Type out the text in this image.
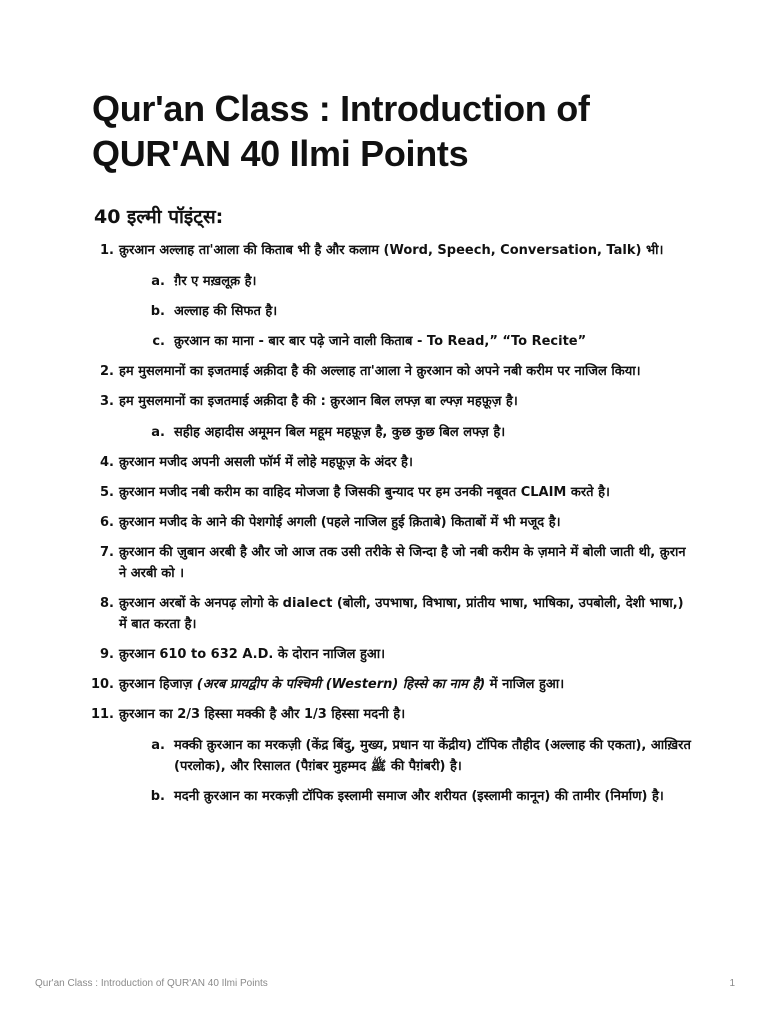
Qur'an Class : Introduction of QUR'AN 40 Ilmi Points
40 इल्मी पॉइंट्स:
1. क़ुरआन अल्लाह ता'आला की किताब भी है और कलाम (Word, Speech, Conversation, Talk) भी।
a. ग़ैर ए मख़लूक़ है।
b. अल्लाह की सिफत है।
c. क़ुरआन का माना - बार बार पढ़े जाने वाली किताब - To Read,” “To Recite”
2. हम मुसलमानों का इजतमाई अक़ीदा है की अल्लाह ता'आला ने क़ुरआन को अपने नबी करीम पर नाजिल किया।
3. हम मुसलमानों का इजतमाई अक़ीदा है की : क़ुरआन बिल लफ्ज़ बा ल्फ्ज़ महफ़ूज़ है।
a. सहीह अहादीस अमूमन बिल महूम महफ़ूज़ है, कुछ कुछ बिल लफ्ज़ है।
4. क़ुरआन मजीद अपनी असली फॉर्म में लोहे महफ़ूज़ के अंदर है।
5. क़ुरआन मजीद नबी करीम का वाहिद मोजजा है जिसकी बुन्याद पर हम उनकी नबूवत CLAIM करते है।
6. क़ुरआन मजीद के आने की पेशगोई अगली (पहले नाजिल हुई क़िताबे) किताबों में भी मजूद है।
7. क़ुरआन की ज़ुबान अरबी है और जो आज तक उसी तरीके से जिन्दा है जो नबी करीम के ज़माने में बोली जाती थी, क़ुरान ने अरबी को ।
8. क़ुरआन अरबों के अनपढ़ लोगो के dialect (बोली, उपभाषा, विभाषा, प्रांतीय भाषा, भाषिका, उपबोली, देशी भाषा,) में बात करता है।
9. क़ुरआन 610 to 632 A.D. के दोरान नाजिल हुआ।
10. क़ुरआन हिजाज़ (अरब प्रायद्वीप के पश्चिमी (Western) हिस्से का नाम है) में नाजिल हुआ।
11. क़ुरआन का 2/3 हिस्सा मक्की है और 1/3 हिस्सा मदनी है।
a. मक्की क़ुरआन का मरकज़ी (केंद्र बिंदु, मुख्य, प्रधान या केंद्रीय) टॉपिक तौहीद (अल्लाह की एकता), आख़िरत (परलोक), और रिसालत (पैग़ंबर मुहम्मद ﷺ की पैग़ंबरी) है।
b. मदनी क़ुरआन का मरकज़ी टॉपिक इस्लामी समाज और शरीयत (इस्लामी कानून) की तामीर (निर्माण) है।
Qur'an Class : Introduction of QUR'AN 40 Ilmi Points	1
